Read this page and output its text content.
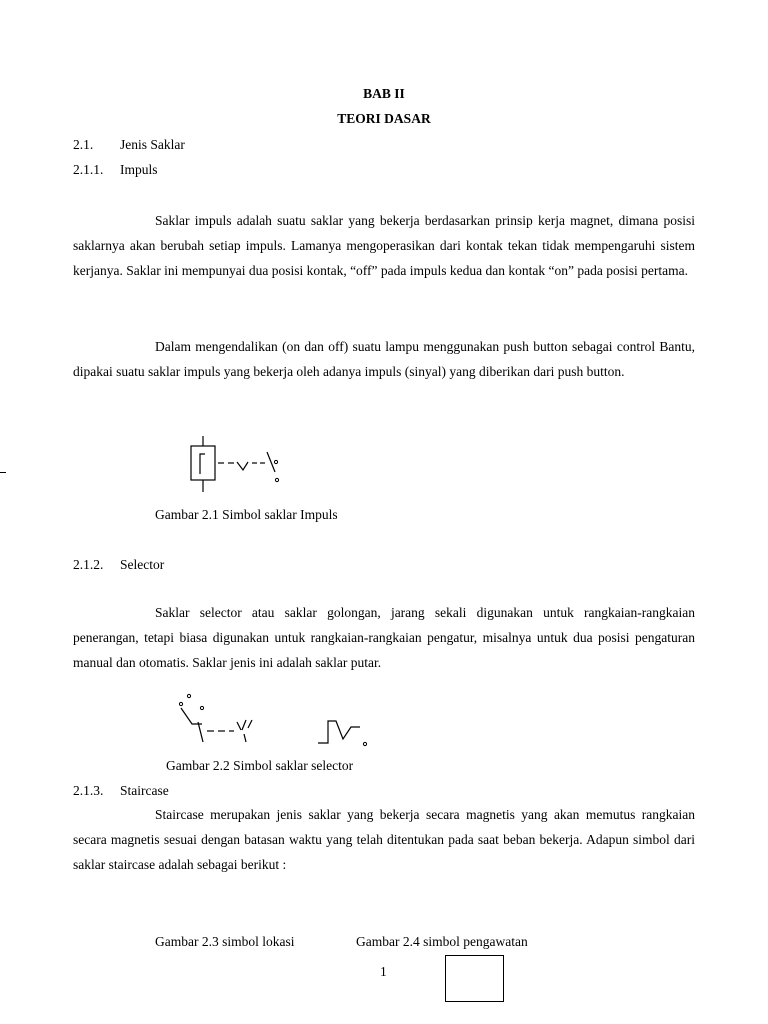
BAB II
TEORI DASAR
2.1. Jenis Saklar
2.1.1. Impuls

Saklar impuls adalah suatu saklar yang bekerja berdasarkan prinsip kerja magnet, dimana posisi saklarnya akan berubah setiap impuls. Lamanya mengoperasikan dari kontak tekan tidak mempengaruhi sistem kerjanya. Saklar ini mempunyai dua posisi kontak, “off” pada impuls kedua dan kontak “on” pada posisi pertama.

Dalam mengendalikan (on dan off) suatu lampu menggunakan push button sebagai control Bantu, dipakai suatu saklar impuls yang bekerja oleh adanya impuls (sinyal) yang diberikan dari push button.

Gambar 2.1 Simbol saklar Impuls
2.1.2. Selector

Saklar selector atau saklar golongan, jarang sekali digunakan untuk rangkaian-rangkaian penerangan, tetapi biasa digunakan untuk rangkaian-rangkaian pengatur, misalnya untuk dua posisi pengaturan manual dan otomatis. Saklar jenis ini adalah saklar putar.

Gambar 2.2 Simbol saklar selector
2.1.3. Staircase

Staircase merupakan jenis saklar yang bekerja secara magnetis yang akan memutus rangkaian secara magnetis sesuai dengan batasan waktu yang telah ditentukan pada saat beban bekerja. Adapun simbol dari saklar staircase adalah sebagai berikut :

Gambar 2.3 simbol lokasi	Gambar 2.4 simbol pengawatan
1
